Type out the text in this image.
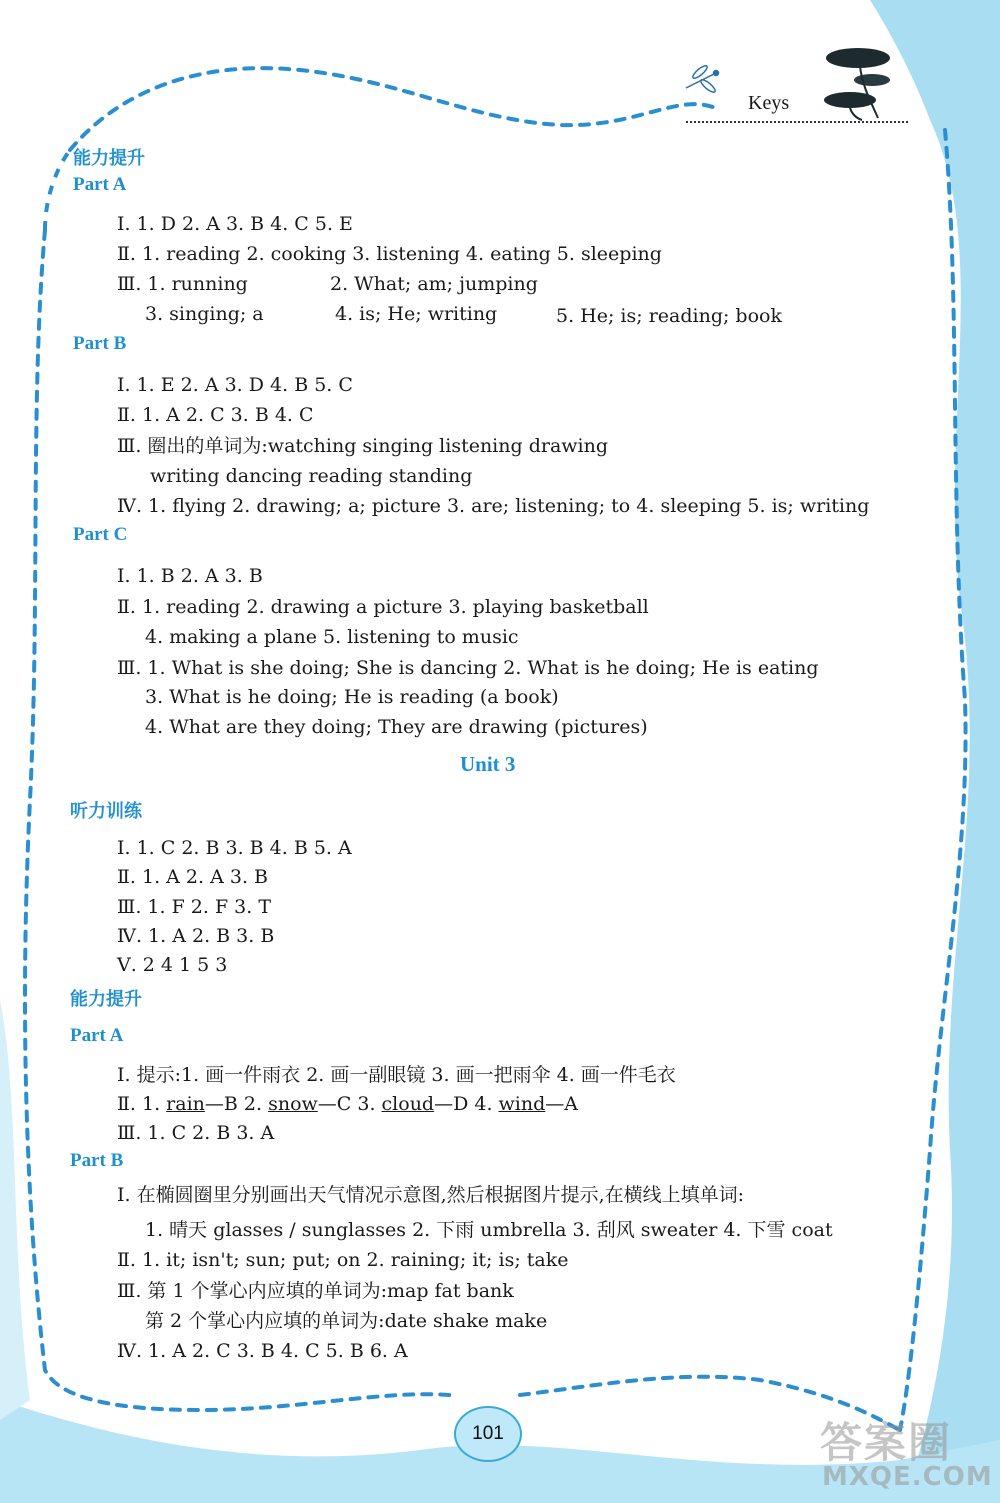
Keys
能力提升
Part A
Ⅰ. 1. D 2. A 3. B 4. C 5. E
Ⅱ. 1. reading 2. cooking 3. listening 4. eating 5. sleeping
Ⅲ. 1. running	2. What; am; jumping
3. singing; a	4. is; He; writing	5. He; is; reading; book
Part B
Ⅰ. 1. E 2. A 3. D 4. B 5. C
Ⅱ. 1. A 2. C 3. B 4. C
Ⅲ. 圈出的单词为:watching singing listening drawing
writing dancing reading standing
Ⅳ. 1. flying 2. drawing; a; picture 3. are; listening; to 4. sleeping 5. is; writing
Part C
Ⅰ. 1. B 2. A 3. B
Ⅱ. 1. reading 2. drawing a picture 3. playing basketball
4. making a plane 5. listening to music
Ⅲ. 1. What is she doing; She is dancing 2. What is he doing; He is eating
3. What is he doing; He is reading (a book)
4. What are they doing; They are drawing (pictures)
Unit 3
听力训练
Ⅰ. 1. C 2. B 3. B 4. B 5. A
Ⅱ. 1. A 2. A 3. B
Ⅲ. 1. F 2. F 3. T
Ⅳ. 1. A 2. B 3. B
Ⅴ. 2 4 1 5 3
能力提升
Part A
Ⅰ. 提示:1. 画一件雨衣 2. 画一副眼镜 3. 画一把雨伞 4. 画一件毛衣
Ⅱ. 1. rain—B 2. snow—C 3. cloud—D 4. wind—A
Ⅲ. 1. C 2. B 3. A
Part B
Ⅰ. 在椭圆圈里分别画出天气情况示意图,然后根据图片提示,在横线上填单词:
1. 晴天 glasses / sunglasses 2. 下雨 umbrella 3. 刮风 sweater 4. 下雪 coat
Ⅱ. 1. it; isn't; sun; put; on 2. raining; it; is; take
Ⅲ. 第 1 个掌心内应填的单词为:map fat bank
第 2 个掌心内应填的单词为:date shake make
Ⅳ. 1. A 2. C 3. B 4. C 5. B 6. A
101	答案圈
MXQE.COM
